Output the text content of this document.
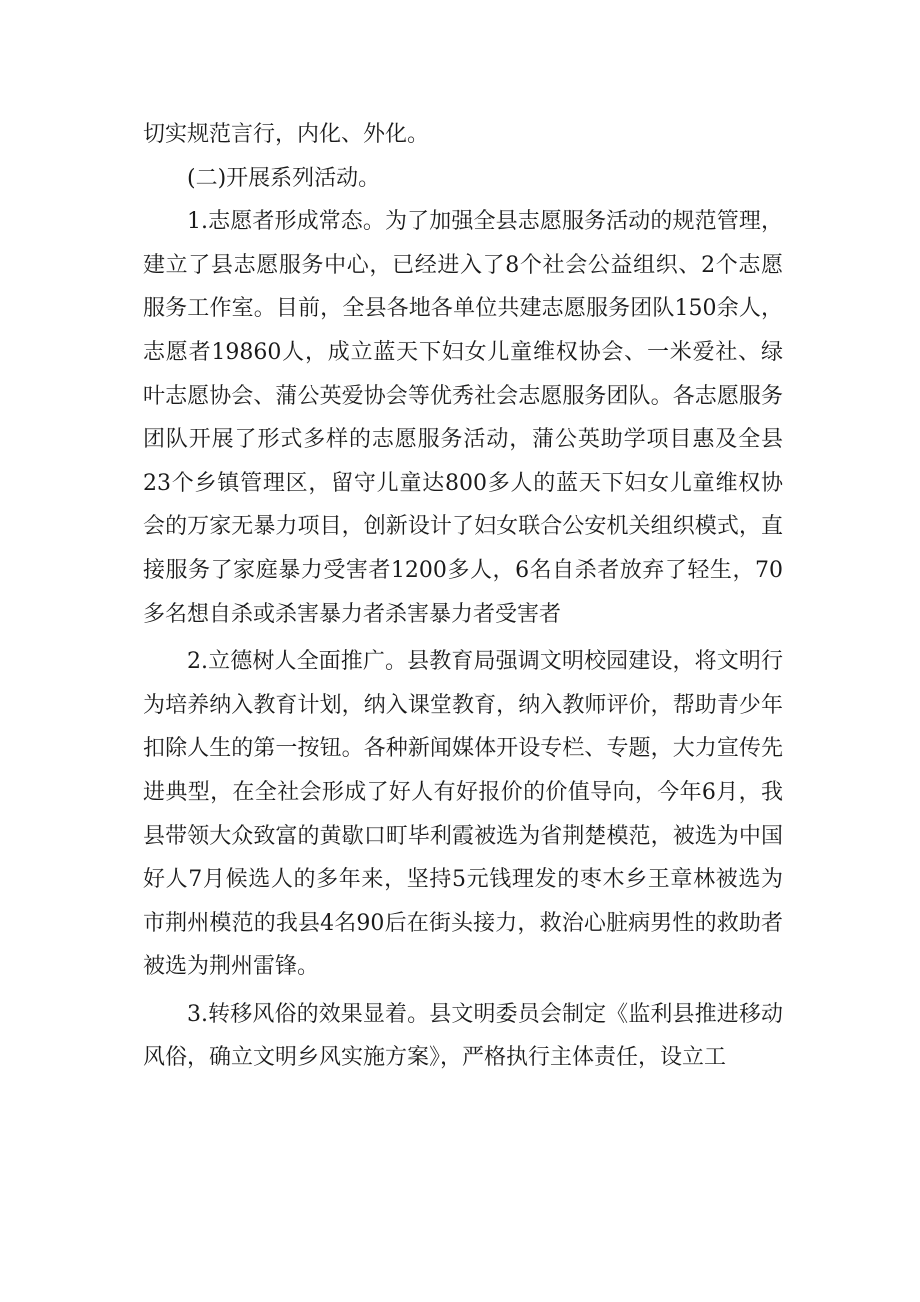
切实规范言行，内化、外化。

(二)开展系列活动。

1.志愿者形成常态。为了加强全县志愿服务活动的规范管理，建立了县志愿服务中心，已经进入了8个社会公益组织、2个志愿服务工作室。目前，全县各地各单位共建志愿服务团队150余人，志愿者19860人，成立蓝天下妇女儿童维权协会、一米爱社、绿叶志愿协会、蒲公英爱协会等优秀社会志愿服务团队。各志愿服务团队开展了形式多样的志愿服务活动，蒲公英助学项目惠及全县23个乡镇管理区，留守儿童达800多人的蓝天下妇女儿童维权协会的万家无暴力项目，创新设计了妇女联合公安机关组织模式，直接服务了家庭暴力受害者1200多人，6名自杀者放弃了轻生，70多名想自杀或杀害暴力者杀害暴力者受害者

2.立德树人全面推广。县教育局强调文明校园建设，将文明行为培养纳入教育计划，纳入课堂教育，纳入教师评价，帮助青少年扣除人生的第一按钮。各种新闻媒体开设专栏、专题，大力宣传先进典型，在全社会形成了好人有好报价的价值导向，今年6月，我县带领大众致富的黄歇口町毕利霞被选为省荆楚模范，被选为中国好人7月候选人的多年来，坚持5元钱理发的枣木乡王章林被选为市荆州模范的我县4名90后在街头接力，救治心脏病男性的救助者被选为荆州雷锋。

3.转移风俗的效果显着。县文明委员会制定《监利县推进移动风俗，确立文明乡风实施方案》，严格执行主体责任，设立工
